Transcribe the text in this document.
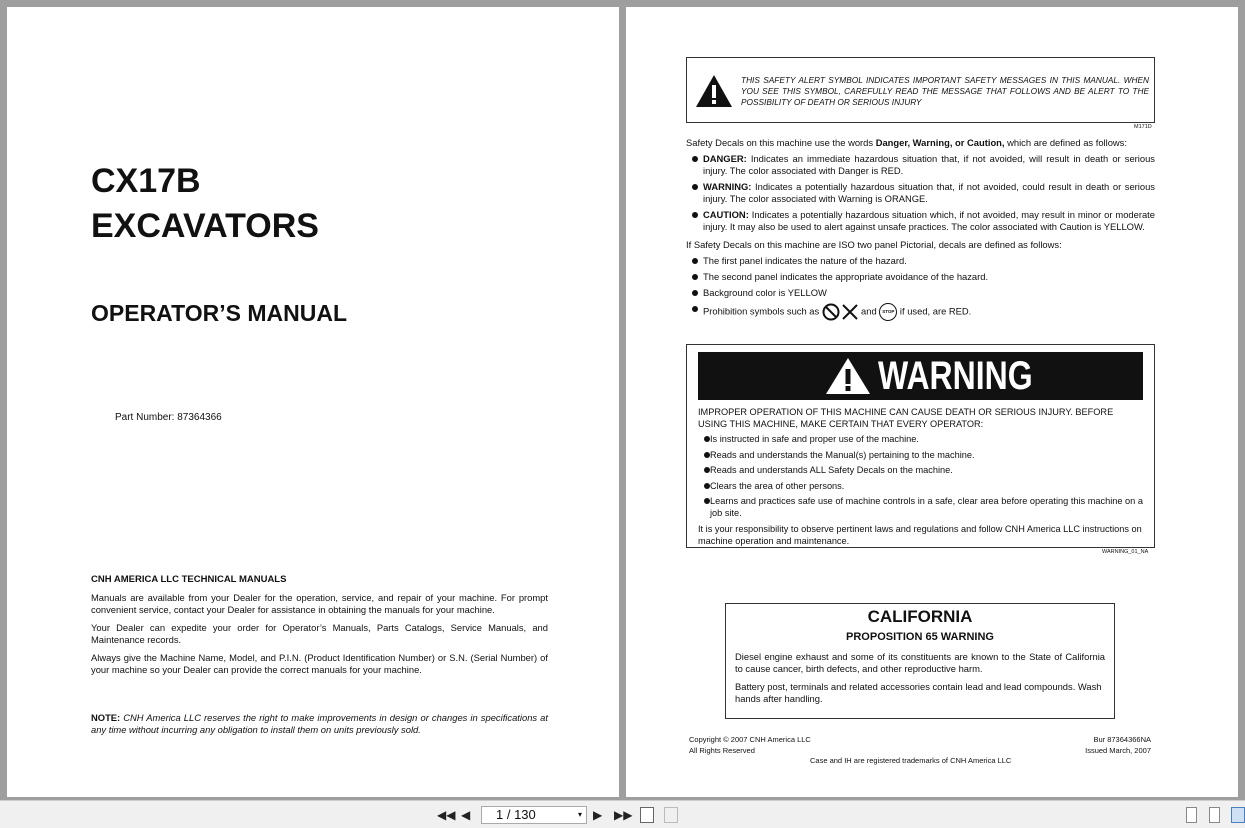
CX17B
EXCAVATORS
OPERATOR’S MANUAL
Part Number: 87364366
CNH AMERICA LLC TECHNICAL MANUALS

Manuals are available from your Dealer for the operation, service, and repair of your machine. For prompt convenient service, contact your Dealer for assistance in obtaining the manuals for your machine.

Your Dealer can expedite your order for Operator’s Manuals, Parts Catalogs, Service Manuals, and Maintenance records.

Always give the Machine Name, Model, and P.I.N. (Product Identification Number) or S.N. (Serial Number) of your machine so your Dealer can provide the correct manuals for your machine.

NOTE: CNH America LLC reserves the right to make improvements in design or changes in specifications at any time without incurring any obligation to install them on units previously sold.

THIS SAFETY ALERT SYMBOL INDICATES IMPORTANT SAFETY MESSAGES IN THIS MANUAL. WHEN YOU SEE THIS SYMBOL, CAREFULLY READ THE MESSAGE THAT FOLLOWS AND BE ALERT TO THE POSSIBILITY OF DEATH OR SERIOUS INJURY

M171D

Safety Decals on this machine use the words Danger, Warning, or Caution, which are defined as follows:

DANGER: Indicates an immediate hazardous situation that, if not avoided, will result in death or serious injury. The color associated with Danger is RED.
WARNING: Indicates a potentially hazardous situation that, if not avoided, could result in death or serious injury. The color associated with Warning is ORANGE.
CAUTION: Indicates a potentially hazardous situation which, if not avoided, may result in minor or moderate injury. It may also be used to alert against unsafe practices. The color associated with Caution is YELLOW.

If Safety Decals on this machine are ISO two panel Pictorial, decals are defined as follows:

The first panel indicates the nature of the hazard.
The second panel indicates the appropriate avoidance of the hazard.
Background color is YELLOW
Prohibition symbols such as	and STOP if used, are RED.
WARNING

IMPROPER OPERATION OF THIS MACHINE CAN CAUSE DEATH OR SERIOUS INJURY. BEFORE USING THIS MACHINE, MAKE CERTAIN THAT EVERY OPERATOR:

Is instructed in safe and proper use of the machine.
Reads and understands the Manual(s) pertaining to the machine.
Reads and understands ALL Safety Decals on the machine.
Clears the area of other persons.
Learns and practices safe use of machine controls in a safe, clear area before operating this machine on a job site.

It is your responsibility to observe pertinent laws and regulations and follow CNH America LLC instructions on machine operation and maintenance.

WARNING_01_NA
CALIFORNIA
PROPOSITION 65 WARNING

Diesel engine exhaust and some of its constituents are known to the State of California to cause cancer, birth defects, and other reproductive harm.

Battery post, terminals and related accessories contain lead and lead compounds. Wash hands after handling.

Copyright © 2007 CNH America LLC
All Rights Reserved
Bur 87364366NA
Issued March, 2007
Case and IH are registered trademarks of CNH America LLC
◀◀ ◀	1 / 130	▾ ▶ ▶▶
